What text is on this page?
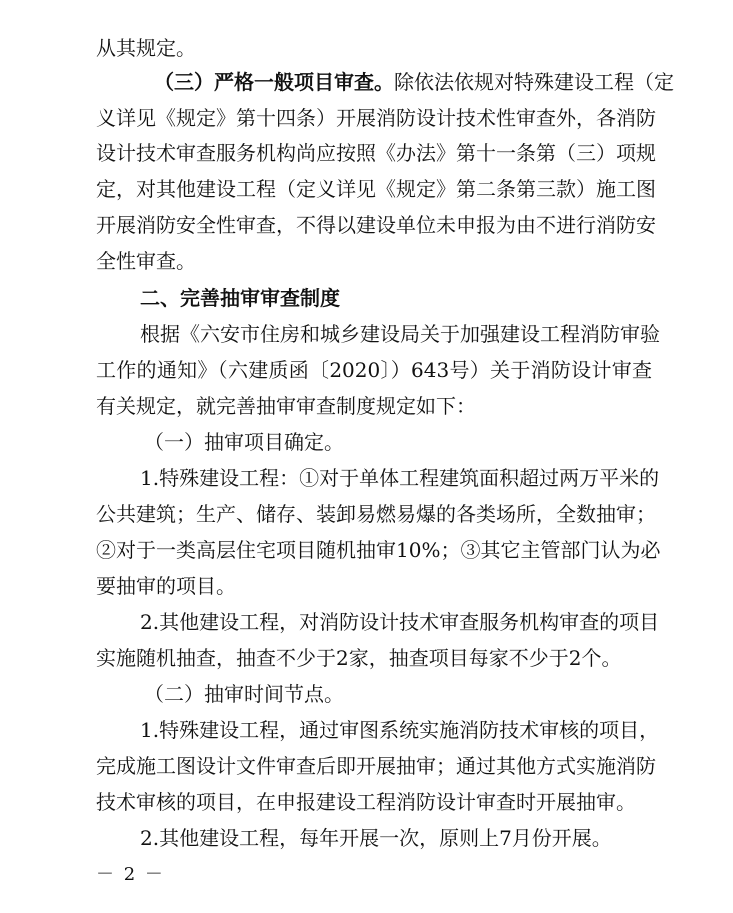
从其规定。
（三）严格一般项目审查。除依法依规对特殊建设工程（定
义详见《规定》第十四条）开展消防设计技术性审查外，各消防
设计技术审查服务机构尚应按照《办法》第十一条第（三）项规
定，对其他建设工程（定义详见《规定》第二条第三款）施工图
开展消防安全性审查，不得以建设单位未申报为由不进行消防安
全性审查。
二、完善抽审审查制度
根据《六安市住房和城乡建设局关于加强建设工程消防审验
工作的通知》（六建质函〔2020〕）643号）关于消防设计审查
有关规定，就完善抽审审查制度规定如下：
（一）抽审项目确定。
1.特殊建设工程：①对于单体工程建筑面积超过两万平米的
公共建筑；生产、储存、装卸易燃易爆的各类场所，全数抽审；
②对于一类高层住宅项目随机抽审10%；③其它主管部门认为必
要抽审的项目。
2.其他建设工程，对消防设计技术审查服务机构审查的项目
实施随机抽查，抽查不少于2家，抽查项目每家不少于2个。
（二）抽审时间节点。
1.特殊建设工程，通过审图系统实施消防技术审核的项目，
完成施工图设计文件审查后即开展抽审；通过其他方式实施消防
技术审核的项目，在申报建设工程消防设计审查时开展抽审。
2.其他建设工程，每年开展一次，原则上7月份开展。
－ 2 －
